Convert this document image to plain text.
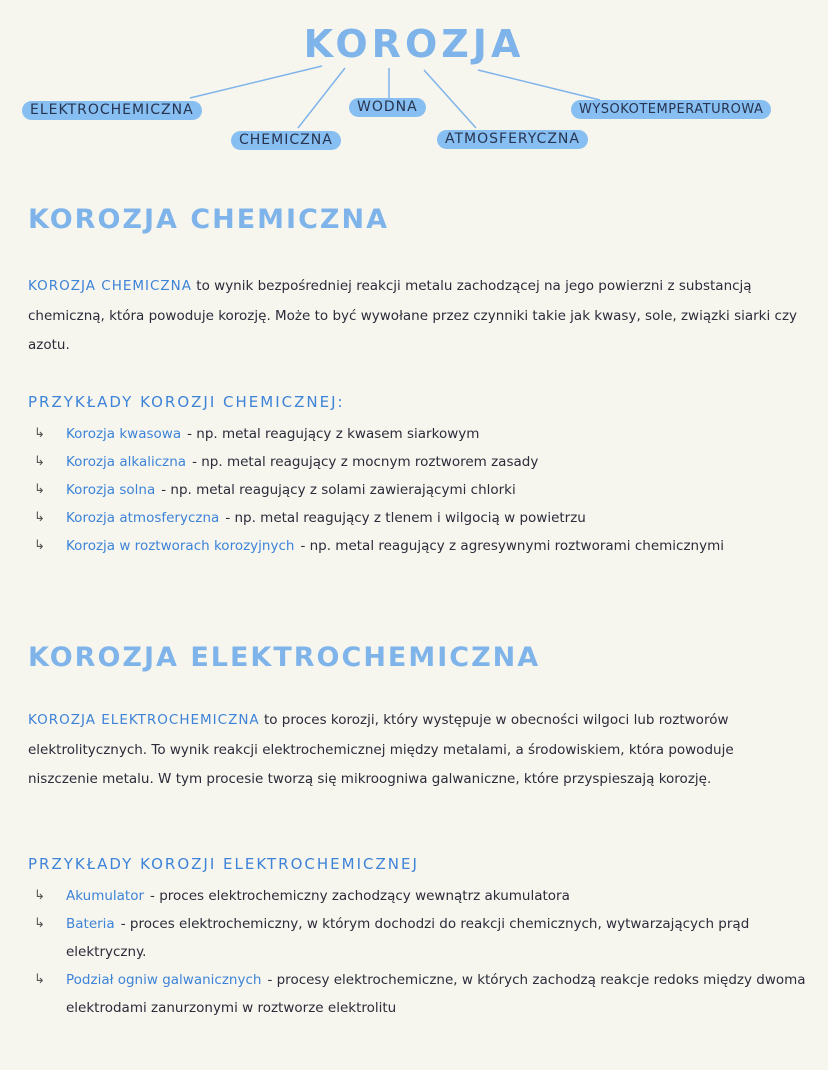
KOROZJA
ELEKTROCHEMICZNA
CHEMICZNA
WODNA
ATMOSFERYCZNA
WYSOKOTEMPERATUROWA
KOROZJA CHEMICZNA
KOROZJA CHEMICZNA to wynik bezpośredniej reakcji metalu zachodzącej na jego powierzni z substancją chemiczną, która powoduje korozję. Może to być wywołane przez czynniki takie jak kwasy, sole, związki siarki czy azotu.
PRZYKŁADY KOROZJI CHEMICZNEJ:
↳ Korozja kwasowa - np. metal reagujący z kwasem siarkowym
↳ Korozja alkaliczna - np. metal reagujący z mocnym roztworem zasady
↳ Korozja solna - np. metal reagujący z solami zawierającymi chlorki
↳ Korozja atmosferyczna - np. metal reagujący z tlenem i wilgocią w powietrzu
↳ Korozja w roztworach korozyjnych - np. metal reagujący z agresywnymi roztworami chemicznymi
KOROZJA ELEKTROCHEMICZNA
KOROZJA ELEKTROCHEMICZNA to proces korozji, który występuje w obecności wilgoci lub roztworów elektrolitycznych. To wynik reakcji elektrochemicznej między metalami, a środowiskiem, która powoduje niszczenie metalu. W tym procesie tworzą się mikroogniwa galwaniczne, które przyspieszają korozję.
PRZYKŁADY KOROZJI ELEKTROCHEMICZNEJ
↳ Akumulator - proces elektrochemiczny zachodzący wewnątrz akumulatora
↳ Bateria - proces elektrochemiczny, w którym dochodzi do reakcji chemicznych, wytwarzających prąd elektryczny.
↳ Podział ogniw galwanicznych - procesy elektrochemiczne, w których zachodzą reakcje redoks między dwoma elektrodami zanurzonymi w roztworze elektrolitu
